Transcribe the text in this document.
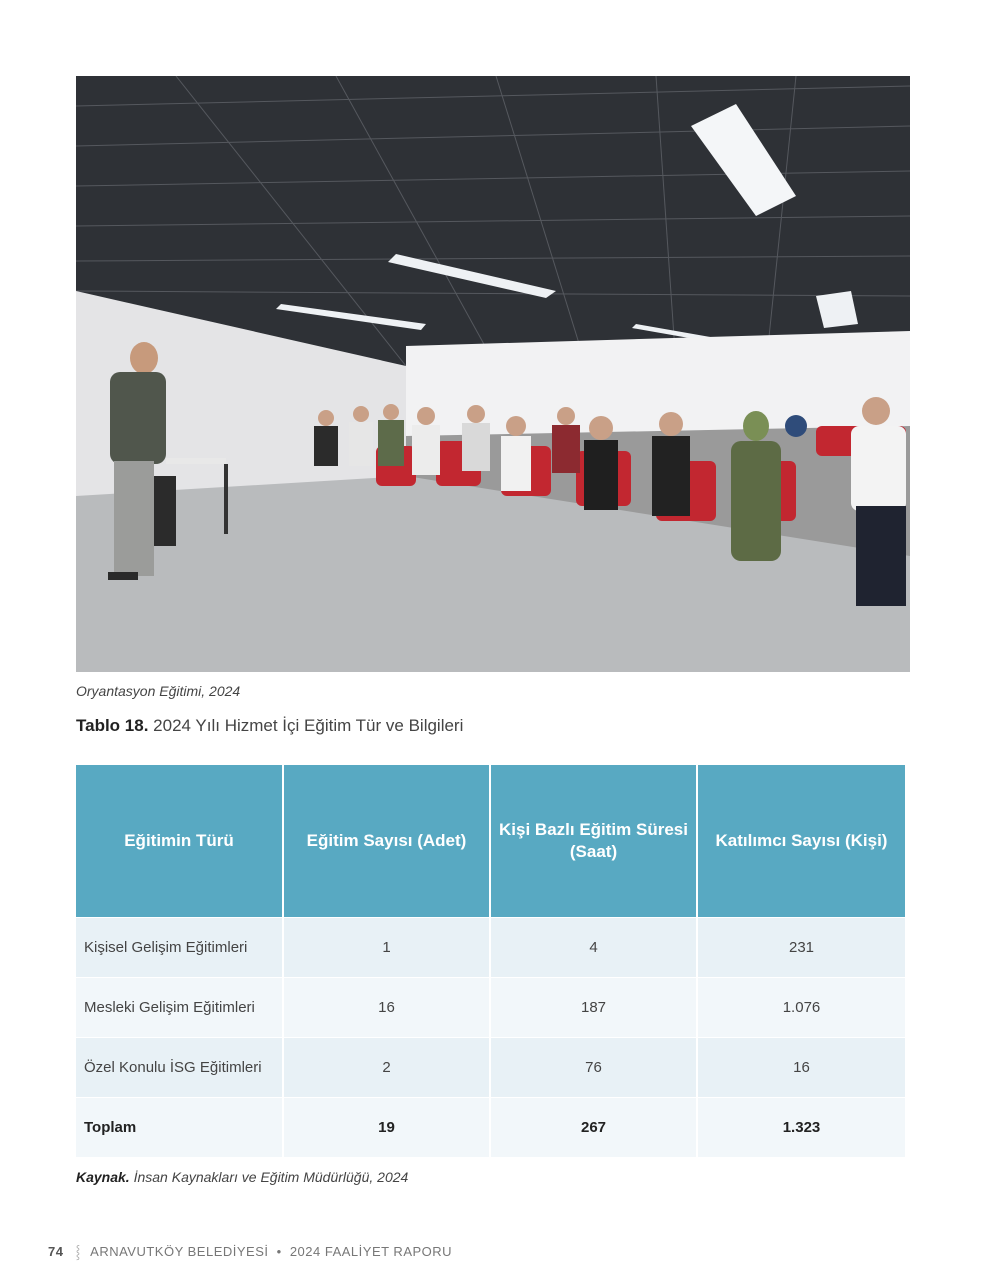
Oryantasyon Eğitimi, 2024
Tablo 18. 2024 Yılı Hizmet İçi Eğitim Tür ve Bilgileri
Eğitimin Türü	Eğitim Sayısı (Adet)	Kişi Bazlı Eğitim Süresi (Saat)	Katılımcı Sayısı (Kişi)
Kişisel Gelişim Eğitimleri	1	4	231
Mesleki Gelişim Eğitimleri	16	187	1.076
Özel Konulu İSG Eğitimleri	2	76	16
Toplam	19	267	1.323
Kaynak. İnsan Kaynakları ve Eğitim Müdürlüğü, 2024
74 ⸾ ARNAVUTKÖY BELEDİYESİ • 2024 FAALİYET RAPORU
